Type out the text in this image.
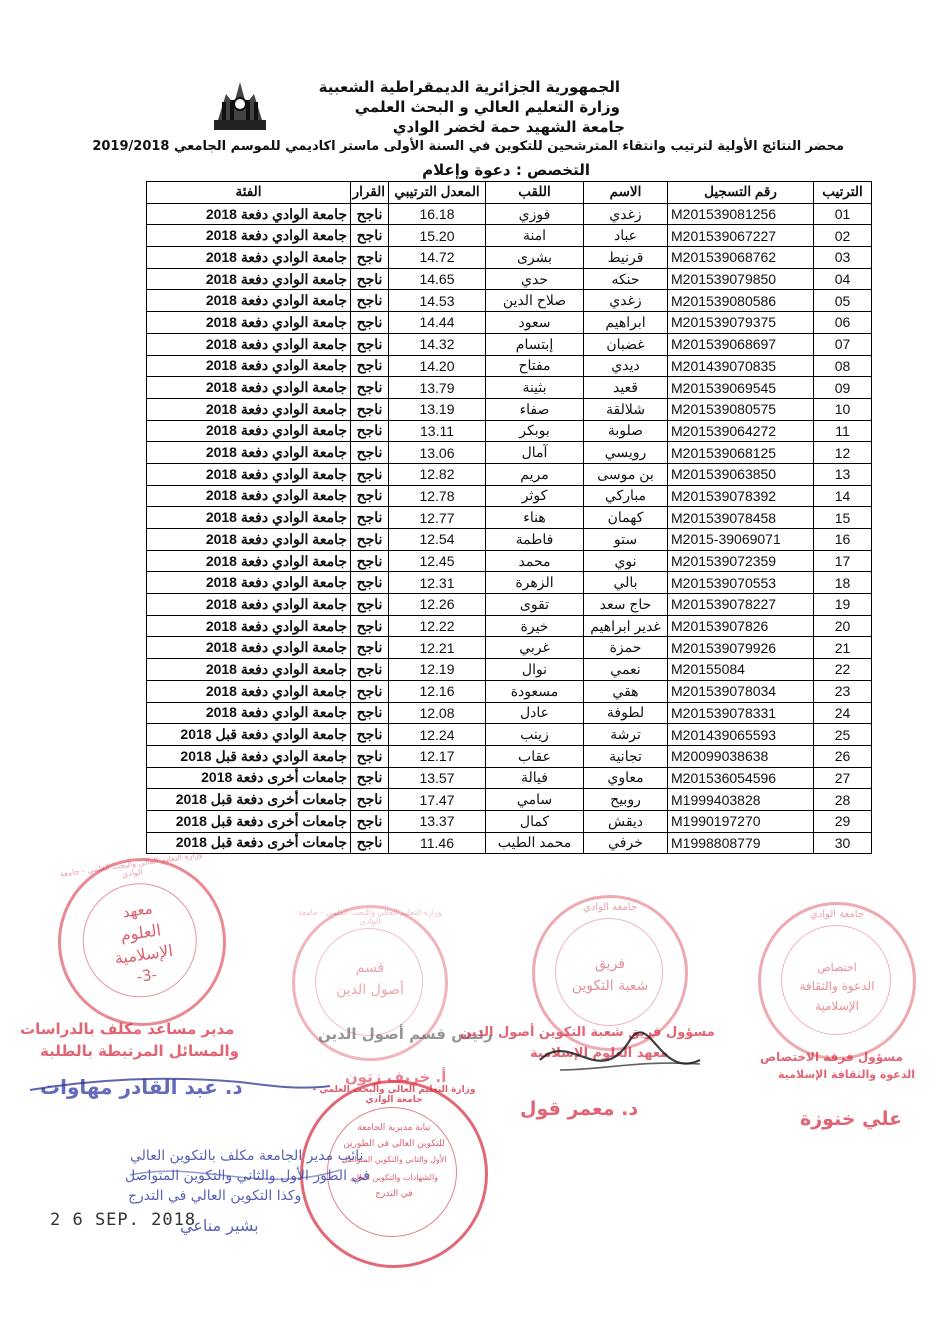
الجمهورية الجزائرية الديمقراطية الشعبية
وزارة التعليم العالي و البحث العلمي
جامعة الشهيد حمة لخضر الوادي
محضر النتائج الأولية لترتيب وانتقاء المترشحين للتكوين في السنة الأولى ماستر اكاديمي للموسم الجامعي 2019/2018
التخصص : دعوة وإعلام
الترتيب	رقم التسجيل	الاسم	اللقب	المعدل الترتيبي	القرار	الفئة
01	M201539081256	زغدي	فوزي	16.18	ناجح	جامعة الوادي دفعة 2018
02	M201539067227	عباد	امنة	15.20	ناجح	جامعة الوادي دفعة 2018
03	M201539068762	قرنيط	بشرى	14.72	ناجح	جامعة الوادي دفعة 2018
04	M201539079850	حنكه	حدي	14.65	ناجح	جامعة الوادي دفعة 2018
05	M201539080586	زغدي	صلاح الدين	14.53	ناجح	جامعة الوادي دفعة 2018
06	M201539079375	ابراهيم	سعود	14.44	ناجح	جامعة الوادي دفعة 2018
07	M201539068697	غضبان	إبتسام	14.32	ناجح	جامعة الوادي دفعة 2018
08	M201439070835	ديدي	مفتاح	14.20	ناجح	جامعة الوادي دفعة 2018
09	M201539069545	قعيد	بثينة	13.79	ناجح	جامعة الوادي دفعة 2018
10	M201539080575	شلالقة	صفاء	13.19	ناجح	جامعة الوادي دفعة 2018
11	M201539064272	صلوبة	بوبكر	13.11	ناجح	جامعة الوادي دفعة 2018
12	M201539068125	رويسي	آمال	13.06	ناجح	جامعة الوادي دفعة 2018
13	M201539063850	بن موسى	مريم	12.82	ناجح	جامعة الوادي دفعة 2018
14	M201539078392	مباركي	كوثر	12.78	ناجح	جامعة الوادي دفعة 2018
15	M201539078458	كهمان	هناء	12.77	ناجح	جامعة الوادي دفعة 2018
16	M2015-39069071	ستو	فاطمة	12.54	ناجح	جامعة الوادي دفعة 2018
17	M201539072359	نوي	محمد	12.45	ناجح	جامعة الوادي دفعة 2018
18	M201539070553	بالي	الزهرة	12.31	ناجح	جامعة الوادي دفعة 2018
19	M201539078227	حاج سعد	تقوى	12.26	ناجح	جامعة الوادي دفعة 2018
20	M20153907826	غدير ابراهيم	خيرة	12.22	ناجح	جامعة الوادي دفعة 2018
21	M201539079926	حمزة	غربي	12.21	ناجح	جامعة الوادي دفعة 2018
22	M20155084	نعمي	نوال	12.19	ناجح	جامعة الوادي دفعة 2018
23	M201539078034	هقي	مسعودة	12.16	ناجح	جامعة الوادي دفعة 2018
24	M201539078331	لطوفة	عادل	12.08	ناجح	جامعة الوادي دفعة 2018
25	M201439065593	ترشة	زينب	12.24	ناجح	جامعة الوادي دفعة قبل 2018
26	M20099038638	تجانية	عقاب	12.17	ناجح	جامعة الوادي دفعة قبل 2018
27	M201536054596	معاوي	فيالة	13.57	ناجح	جامعات أخرى دفعة 2018
28	M1999403828	روبيح	سامي	17.47	ناجح	جامعات أخرى دفعة قبل 2018
29	M1990197270	ديقش	كمال	13.37	ناجح	جامعات أخرى دفعة قبل 2018
30	M1998808779	خرفي	محمد الطيب	11.46	ناجح	جامعات أخرى دفعة قبل 2018
معهد
العلوم
الإسلامية
-3-
وزارة التعليم العالي والبحث العلمي - جامعة الوادي
قسم
أصول الدين
وزارة التعليم العالي والبحث العلمي - جامعة الوادي
فريق
شعبة التكوين
جامعة الوادي
اختصاص
الدعوة والثقافة
الإسلامية
جامعة الوادي
نيابة مديرية الجامعة
للتكوين العالي في الطورين
الأول والثاني والتكوين المتواصل
والشهادات والتكوين العالي
في التدرج
وزارة التعليم العالي والبحث العلمي - جامعة الوادي
مدير مساعد مكلف بالدراسات
والمسائل المرتبطة بالطلبة
د. عبد القادر مهاوات
رئيس قسم أصول الدين
أ. خريف زتون
مسؤول فريق شعبة التكوين أصول الدين
معهد العلوم الإسلامية
د. معمر قول
مسؤول فرقة الاختصاص
الدعوة والثقافة الإسلامية
علي خنوزة
نائب مدير الجامعة مكلف بالتكوين العالي
في الطور الأول والثاني والتكوين المتواصل
وكذا التكوين العالي في التدرج
بشير مناعي
2 6 SEP. 2018
